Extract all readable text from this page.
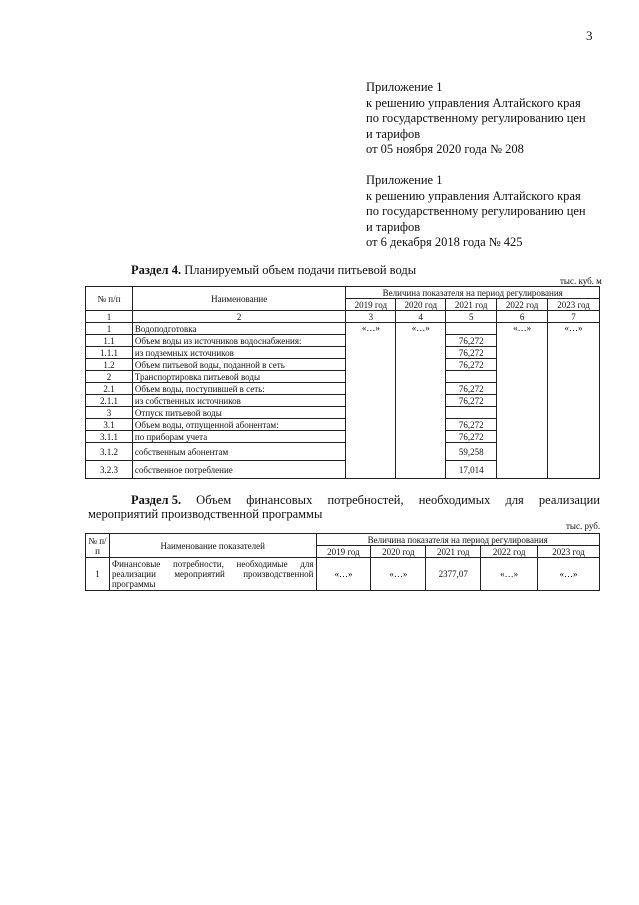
3
Приложение 1
к решению управления Алтайского края
по государственному регулированию цен
и тарифов
от 05 ноября 2020 года № 208
Приложение 1
к решению управления Алтайского края
по государственному регулированию цен
и тарифов
от 6 декабря 2018 года № 425
Раздел 4. Планируемый объем подачи питьевой воды
тыс. куб. м
№ п/п	Наименование	Величина показателя на период регулирования				
		2019 год	2020 год	2021 год	2022 год	2023 год
1	2	3	4	5	6	7
1	Водоподготовка	«…»	«…»		«…»	«…»
1.1	Объем воды из источников водоснабжения:			76,272		
1.1.1	из подземных источников			76,272		
1.2	Объем питьевой воды, поданной в сеть			76,272		
2	Транспортировка питьевой воды					
2.1	Объем воды, поступившей в сеть:			76,272		
2.1.1	из собственных источников			76,272		
3	Отпуск питьевой воды					
3.1	Объем воды, отпущенной абонентам:			76,272		
3.1.1	по приборам учета			76,272		
3.1.2	собственным абонентам			59,258		
3.2.3	собственное потребление			17,014		
Раздел 5. Объем финансовых потребностей, необходимых для реализации
мероприятий производственной программы
тыс. руб.
№ п/п	Наименование показателей	Величина показателя на период регулирования				
		2019 год	2020 год	2021 год	2022 год	2023 год
1	Финансовые потребности, необходимые для реализации мероприятий производственной программы	«…»	«…»	2377,07	«…»	«…»
